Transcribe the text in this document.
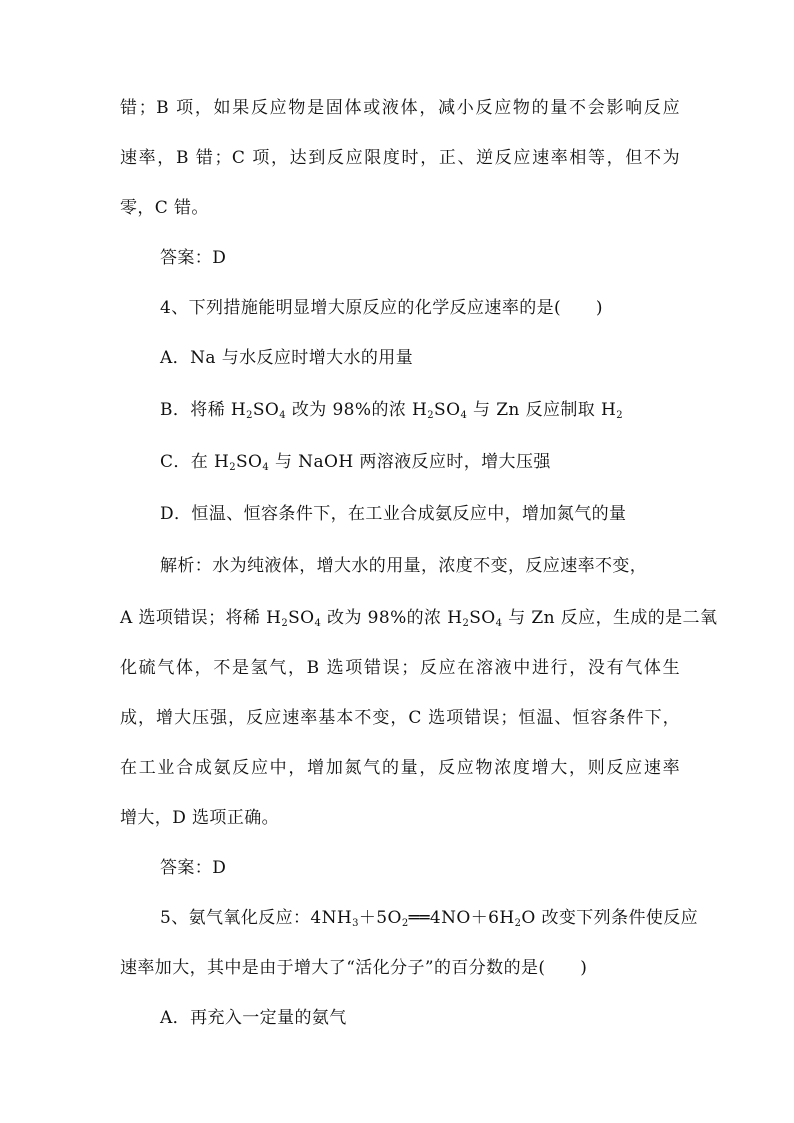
错；B 项，如果反应物是固体或液体，减小反应物的量不会影响反应
速率，B 错；C 项，达到反应限度时，正、逆反应速率相等，但不为
零，C 错。
答案：D
4、下列措施能明显增大原反应的化学反应速率的是(　　)
A．Na 与水反应时增大水的用量
B．将稀 $H_2SO_4$ 改为 98%的浓 $H_2SO_4$ 与 Zn 反应制取 $H_2$
C．在 $H_2SO_4$ 与 NaOH 两溶液反应时，增大压强
D．恒温、恒容条件下，在工业合成氨反应中，增加氮气的量
解析：水为纯液体，增大水的用量，浓度不变，反应速率不变，
A 选项错误；将稀 $H_2SO_4$ 改为 98%的浓 $H_2SO_4$ 与 Zn 反应，生成的是二氧
化硫气体，不是氢气，B 选项错误；反应在溶液中进行，没有气体生
成，增大压强，反应速率基本不变，C 选项错误；恒温、恒容条件下，
在工业合成氨反应中，增加氮气的量，反应物浓度增大，则反应速率
增大，D 选项正确。
答案：D
5、氨气氧化反应：$4NH_3+5O_2══4NO+6H_2O$ 改变下列条件使反应
速率加大，其中是由于增大了“活化分子”的百分数的是(　　)
A．再充入一定量的氨气
